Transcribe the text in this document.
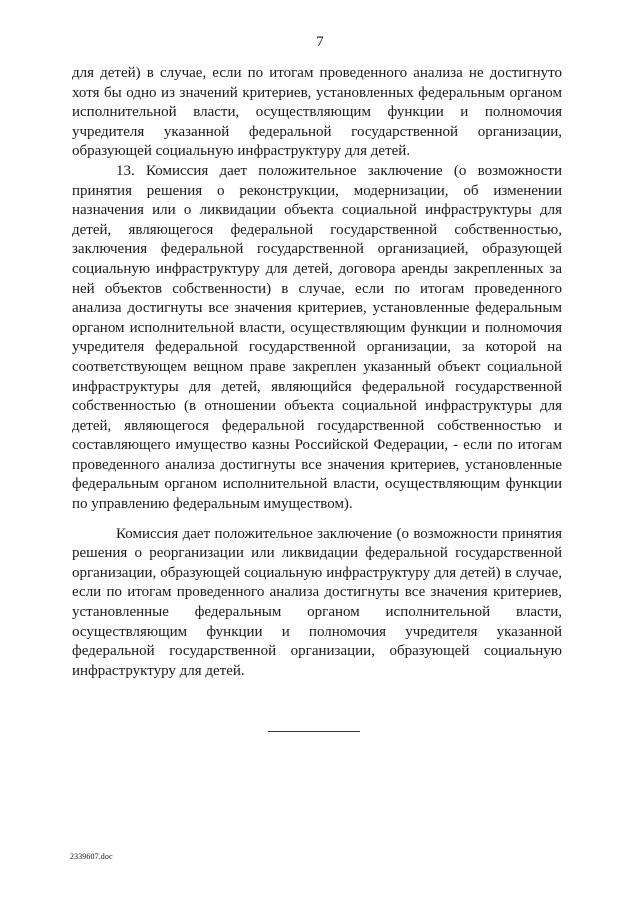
7

для детей) в случае, если по итогам проведенного анализа не достигнуто хотя бы одно из значений критериев, установленных федеральным органом исполнительной власти, осуществляющим функции и полномочия учредителя указанной федеральной государственной организации, образующей социальную инфраструктуру для детей.

13. Комиссия дает положительное заключение (о возможности принятия решения о реконструкции, модернизации, об изменении назначения или о ликвидации объекта социальной инфраструктуры для детей, являющегося федеральной государственной собственностью, заключения федеральной государственной организацией, образующей социальную инфраструктуру для детей, договора аренды закрепленных за ней объектов собственности) в случае, если по итогам проведенного анализа достигнуты все значения критериев, установленные федеральным органом исполнительной власти, осуществляющим функции и полномочия учредителя федеральной государственной организации, за которой на соответствующем вещном праве закреплен указанный объект социальной инфраструктуры для детей, являющийся федеральной государственной собственностью (в отношении объекта социальной инфраструктуры для детей, являющегося федеральной государственной собственностью и составляющего имущество казны Российской Федерации, - если по итогам проведенного анализа достигнуты все значения критериев, установленные федеральным органом исполнительной власти, осуществляющим функции по управлению федеральным имуществом).

Комиссия дает положительное заключение (о возможности принятия решения о реорганизации или ликвидации федеральной государственной организации, образующей социальную инфраструктуру для детей) в случае, если по итогам проведенного анализа достигнуты все значения критериев, установленные федеральным органом исполнительной власти, осуществляющим функции и полномочия учредителя указанной федеральной государственной организации, образующей социальную инфраструктуру для детей.

2339607.doc
